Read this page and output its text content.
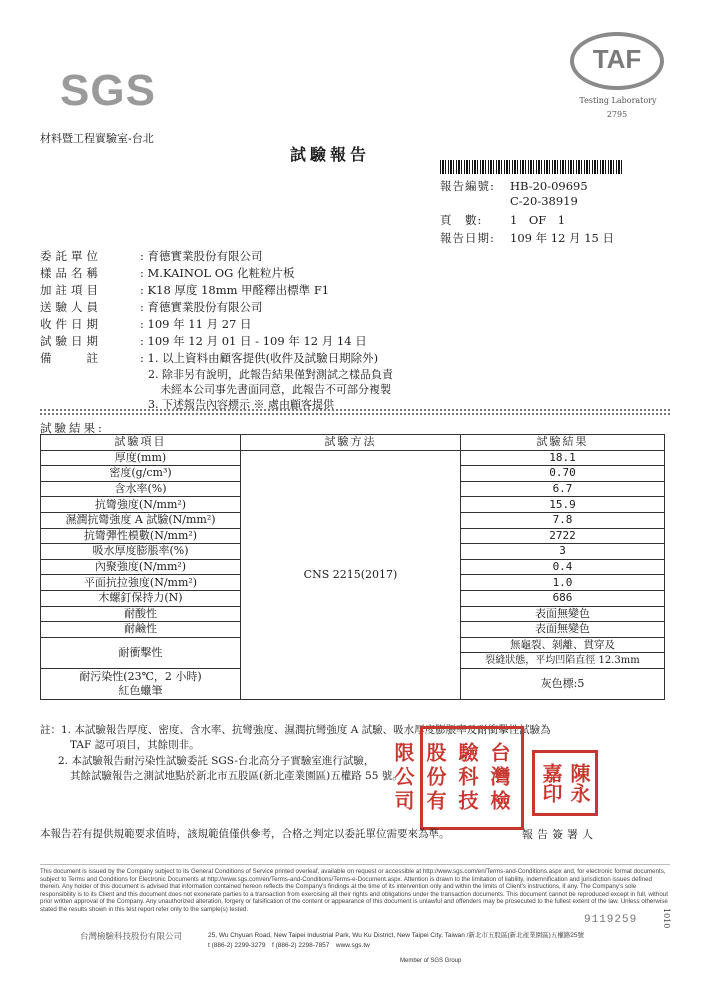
SGS
材料暨工程實驗室-台北
TAF
Testing Laboratory
2795
試驗報告
報告編號: HB-20-09695
C-20-38919
頁　數: 1　OF　1
報告日期: 109 年 12 月 15 日
委託單位	: 育德實業股份有限公司
樣品名稱	: M.KAINOL OG 化粧粒片板
加註項目	: K18 厚度 18mm 甲醛釋出標準 F1
送驗人員	: 育德實業股份有限公司
收件日期	: 109 年 11 月 27 日
試驗日期	: 109 年 12 月 01 日 - 109 年 12 月 14 日
備　　註	: 1. 以上資料由顧客提供(收件及試驗日期除外)
2. 除非另有說明，此報告結果僅對測試之樣品負責
未經本公司事先書面同意，此報告不可部分複製
3. 下述報告內容標示 ※ 處由顧客提供
試驗結果:
試驗項目	試驗方法	試驗結果
厚度(mm)	CNS 2215(2017)	18.1
密度(g/cm³)		0.70
含水率(%)		6.7
抗彎強度(N/mm²)		15.9
濕潤抗彎強度 A 試驗(N/mm²)		7.8
抗彎彈性模數(N/mm²)		2722
吸水厚度膨脹率(%)		3
內聚強度(N/mm²)		0.4
平面抗拉強度(N/mm²)		1.0
木螺釘保持力(N)		686
耐酸性		表面無變色
耐鹼性		表面無變色
耐衝擊性		無龜裂、剝離、貫穿及
		裂縫狀態，平均凹陷直徑 12.3mm

耐污染性(23℃，2 小時)
紅色蠟筆		灰色標:5
註：1. 本試驗報告厚度、密度、含水率、抗彎強度、濕潤抗彎強度 A 試驗、吸水厚度膨脹率及耐衝擊性試驗為
TAF 認可項目，其餘則非。
2. 本試驗報告耐污染性試驗委託 SGS-台北高分子實驗室進行試驗，
其餘試驗報告之測試地點於新北市五股區(新北產業園區)五權路 55 號。	台灣檢驗科技股份有限公司	陳永嘉印
本報告若有提供規範要求值時，該規範值僅供參考，合格之判定以委託單位需要來為準。	報告簽署人
This document is issued by the Company subject to its General Conditions of Service printed overleaf, available on request or accessible at http://www.sgs.com/en/Terms-and-Conditions.aspx and, for electronic format documents, subject to Terms and Conditions for Electronic Documents at http://www.sgs.com/en/Terms-and-Conditions/Terms-e-Document.aspx. Attention is drawn to the limitation of liability, indemnification and jurisdiction issues defined therein. Any holder of this document is advised that information contained hereon reflects the Company's findings at the time of its intervention only and within the limits of Client's instructions, if any. The Company's sole responsibility is to its Client and this document does not exonerate parties to a transaction from exercising all their rights and obligations under the transaction documents. This document cannot be reproduced except in full, without prior written approval of the Company. Any unauthorized alteration, forgery or falsification of the content or appearance of this document is unlawful and offenders may be prosecuted to the fullest extent of the law. Unless otherwise stated the results shown in this test report refer only to the sample(s) tested.
9119259	1010
台灣檢驗科技股份有限公司	25, Wu Chyuan Road, New Taipei Industrial Park, Wu Ku District, New Taipei City, Taiwan /新北市五股區(新北產業園區)五權路25號
t (886-2) 2299-3279　f (886-2) 2298-7857　www.sgs.tw
Member of SGS Group
